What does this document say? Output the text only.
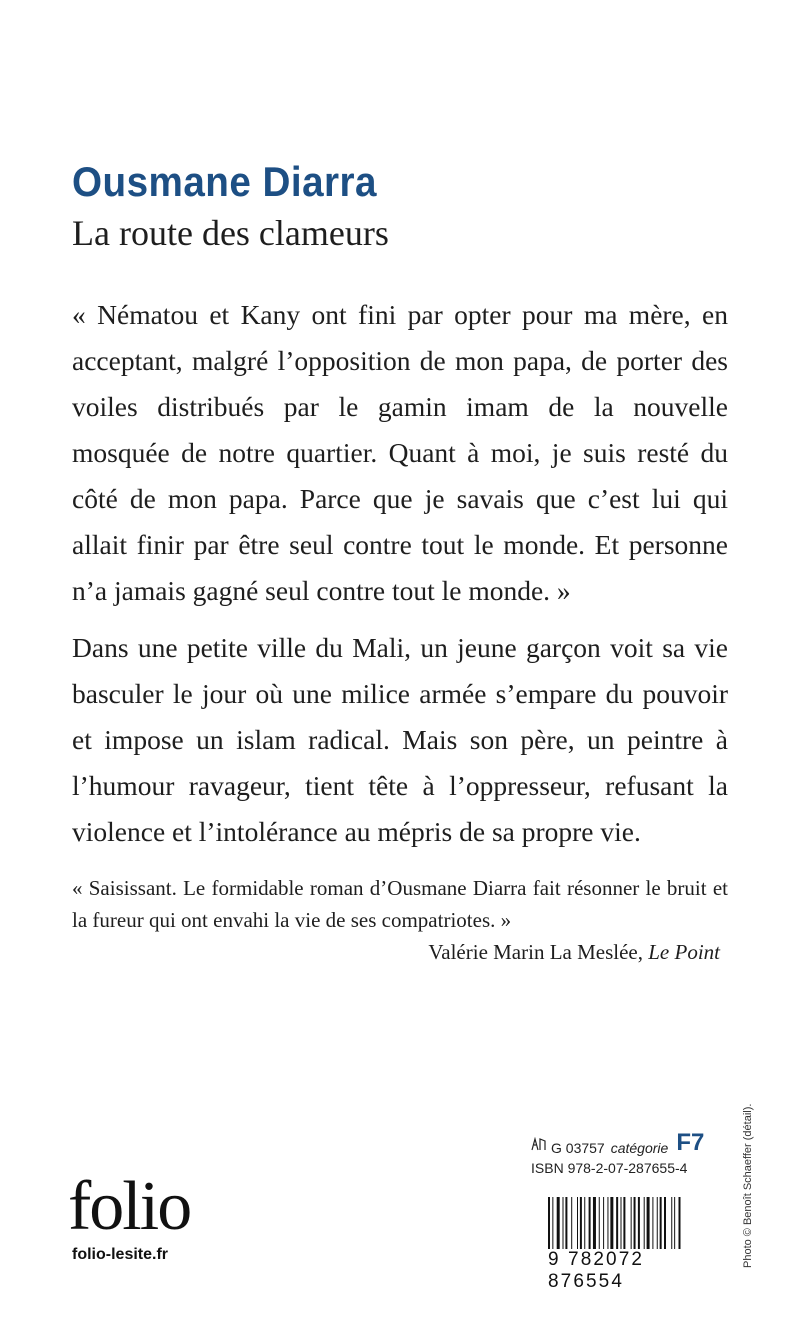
Ousmane Diarra
La route des clameurs

« Nématou et Kany ont fini par opter pour ma mère, en acceptant, malgré l’opposition de mon papa, de porter des voiles distribués par le gamin imam de la nouvelle mosquée de notre quartier. Quant à moi, je suis resté du côté de mon papa. Parce que je savais que c’est lui qui allait finir par être seul contre tout le monde. Et personne n’a jamais gagné seul contre tout le monde. »

Dans une petite ville du Mali, un jeune garçon voit sa vie basculer le jour où une milice armée s’empare du pouvoir et impose un islam radical. Mais son père, un peintre à l’humour ravageur, tient tête à l’oppresseur, refusant la violence et l’intolérance au mépris de sa propre vie.

« Saisissant. Le formidable roman d’Ousmane Diarra fait résonner le bruit et la fureur qui ont envahi la vie de ses compatriotes. »

Valérie Marin La Meslée, Le Point
folio
folio-lesite.fr
G 03757 catégorie F7
ISBN 978-2-07-287655-4
9 782072 876554
Photo © Benoît Schaeffer (détail).
